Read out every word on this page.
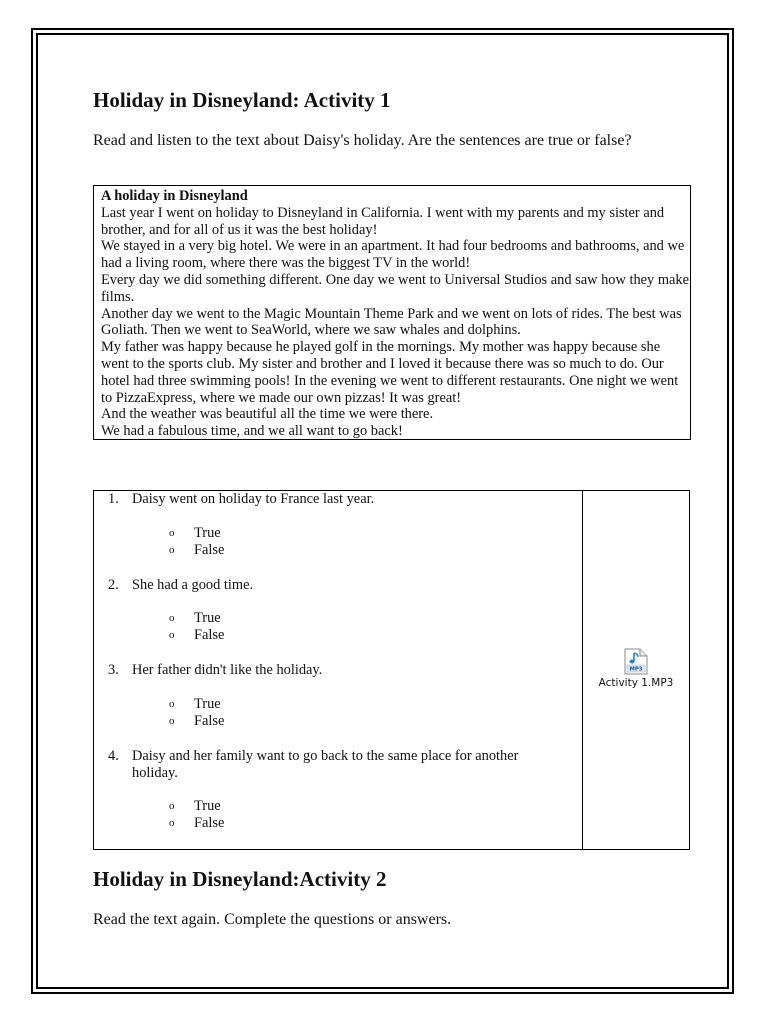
Holiday in Disneyland: Activity 1

Read and listen to the text about Daisy's holiday. Are the sentences are true or false?

A holiday in Disneyland

Last year I went on holiday to Disneyland in California. I went with my parents and my sister and brother, and for all of us it was the best holiday!

We stayed in a very big hotel. We were in an apartment. It had four bedrooms and bathrooms, and we had a living room, where there was the biggest TV in the world!

Every day we did something different. One day we went to Universal Studios and saw how they make films.

Another day we went to the Magic Mountain Theme Park and we went on lots of rides. The best was Goliath. Then we went to SeaWorld, where we saw whales and dolphins.

My father was happy because he played golf in the mornings. My mother was happy because she went to the sports club. My sister and brother and I loved it because there was so much to do. Our hotel had three swimming pools! In the evening we went to different restaurants. One night we went to PizzaExpress, where we made our own pizzas! It was great!

And the weather was beautiful all the time we were there.

We had a fabulous time, and we all want to go back!

1. Daisy went on holiday to France last year.
o True
o False
2. She had a good time.
o True
o False
3. Her father didn't like the holiday.
o True
o False
4. Daisy and her family want to go back to the same place for another holiday.
o True
o False
MP3
Activity 1.MP3
Holiday in Disneyland:Activity 2

Read the text again. Complete the questions or answers.
